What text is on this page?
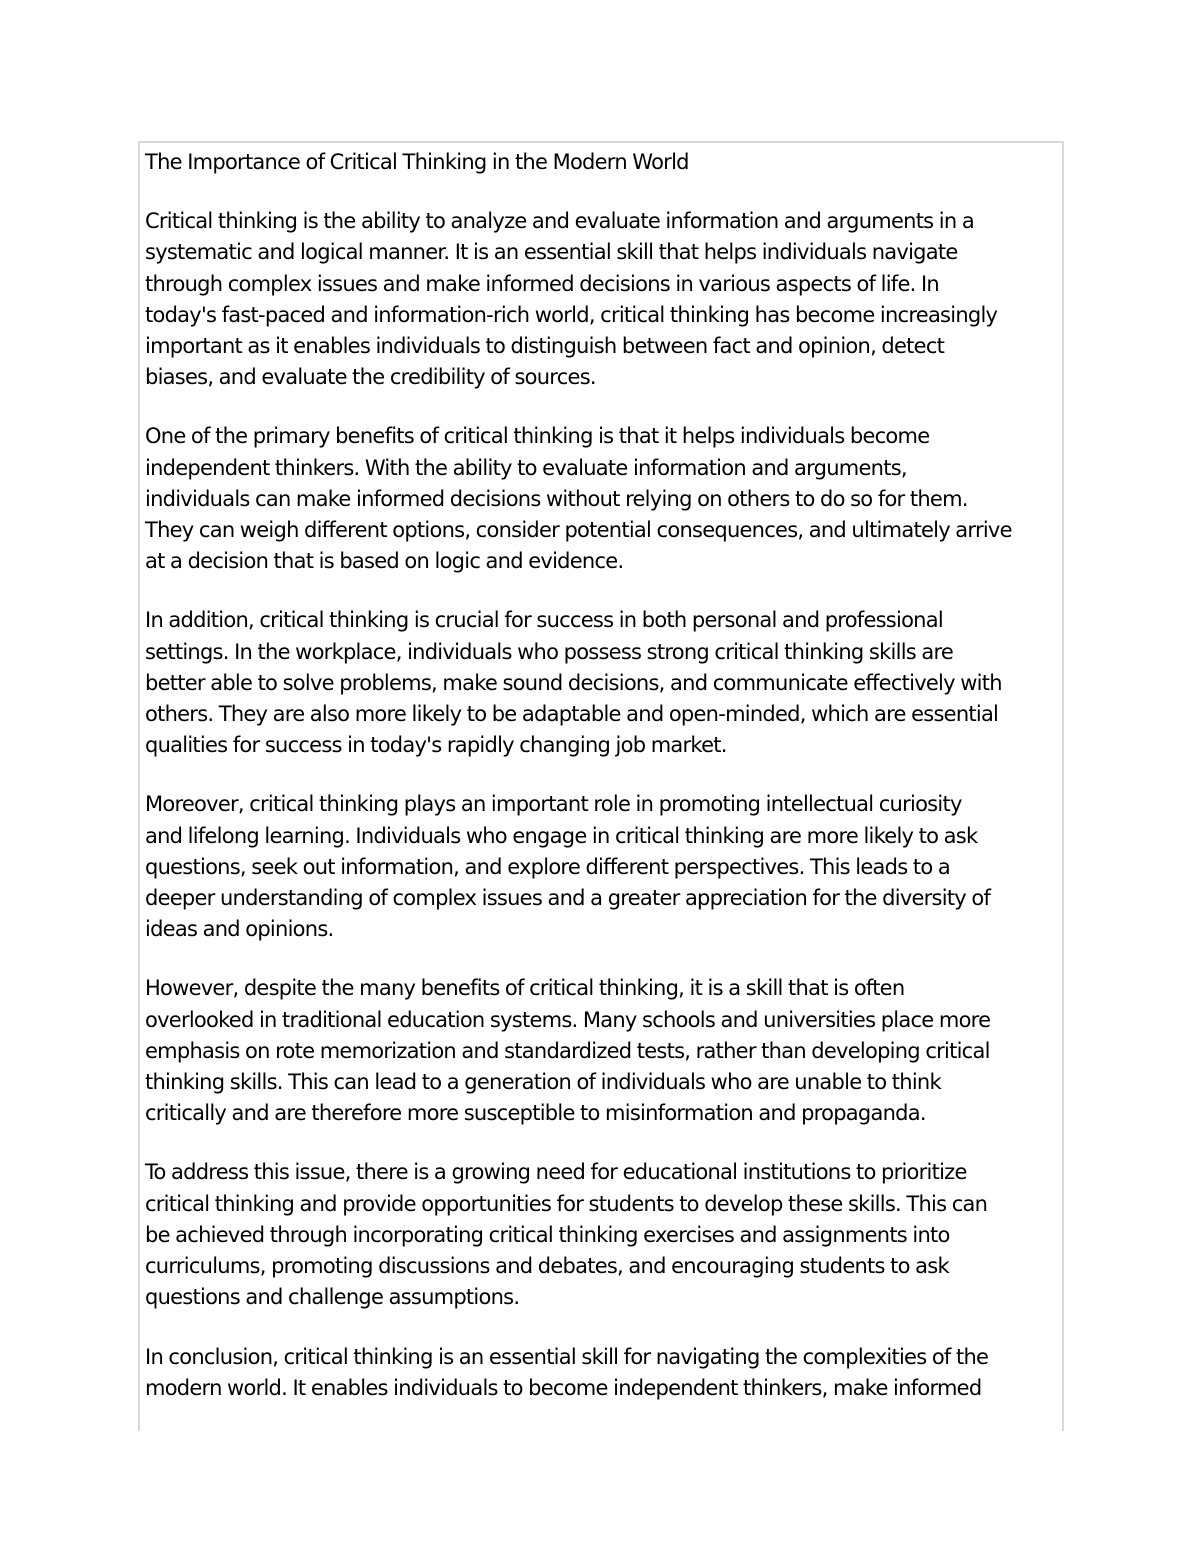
The Importance of Critical Thinking in the Modern World

Critical thinking is the ability to analyze and evaluate information and arguments in a
systematic and logical manner. It is an essential skill that helps individuals navigate
through complex issues and make informed decisions in various aspects of life. In
today's fast-paced and information-rich world, critical thinking has become increasingly
important as it enables individuals to distinguish between fact and opinion, detect
biases, and evaluate the credibility of sources.

One of the primary benefits of critical thinking is that it helps individuals become
independent thinkers. With the ability to evaluate information and arguments,
individuals can make informed decisions without relying on others to do so for them.
They can weigh different options, consider potential consequences, and ultimately arrive
at a decision that is based on logic and evidence.

In addition, critical thinking is crucial for success in both personal and professional
settings. In the workplace, individuals who possess strong critical thinking skills are
better able to solve problems, make sound decisions, and communicate effectively with
others. They are also more likely to be adaptable and open-minded, which are essential
qualities for success in today's rapidly changing job market.

Moreover, critical thinking plays an important role in promoting intellectual curiosity
and lifelong learning. Individuals who engage in critical thinking are more likely to ask
questions, seek out information, and explore different perspectives. This leads to a
deeper understanding of complex issues and a greater appreciation for the diversity of
ideas and opinions.

However, despite the many benefits of critical thinking, it is a skill that is often
overlooked in traditional education systems. Many schools and universities place more
emphasis on rote memorization and standardized tests, rather than developing critical
thinking skills. This can lead to a generation of individuals who are unable to think
critically and are therefore more susceptible to misinformation and propaganda.

To address this issue, there is a growing need for educational institutions to prioritize
critical thinking and provide opportunities for students to develop these skills. This can
be achieved through incorporating critical thinking exercises and assignments into
curriculums, promoting discussions and debates, and encouraging students to ask
questions and challenge assumptions.

In conclusion, critical thinking is an essential skill for navigating the complexities of the
modern world. It enables individuals to become independent thinkers, make informed
